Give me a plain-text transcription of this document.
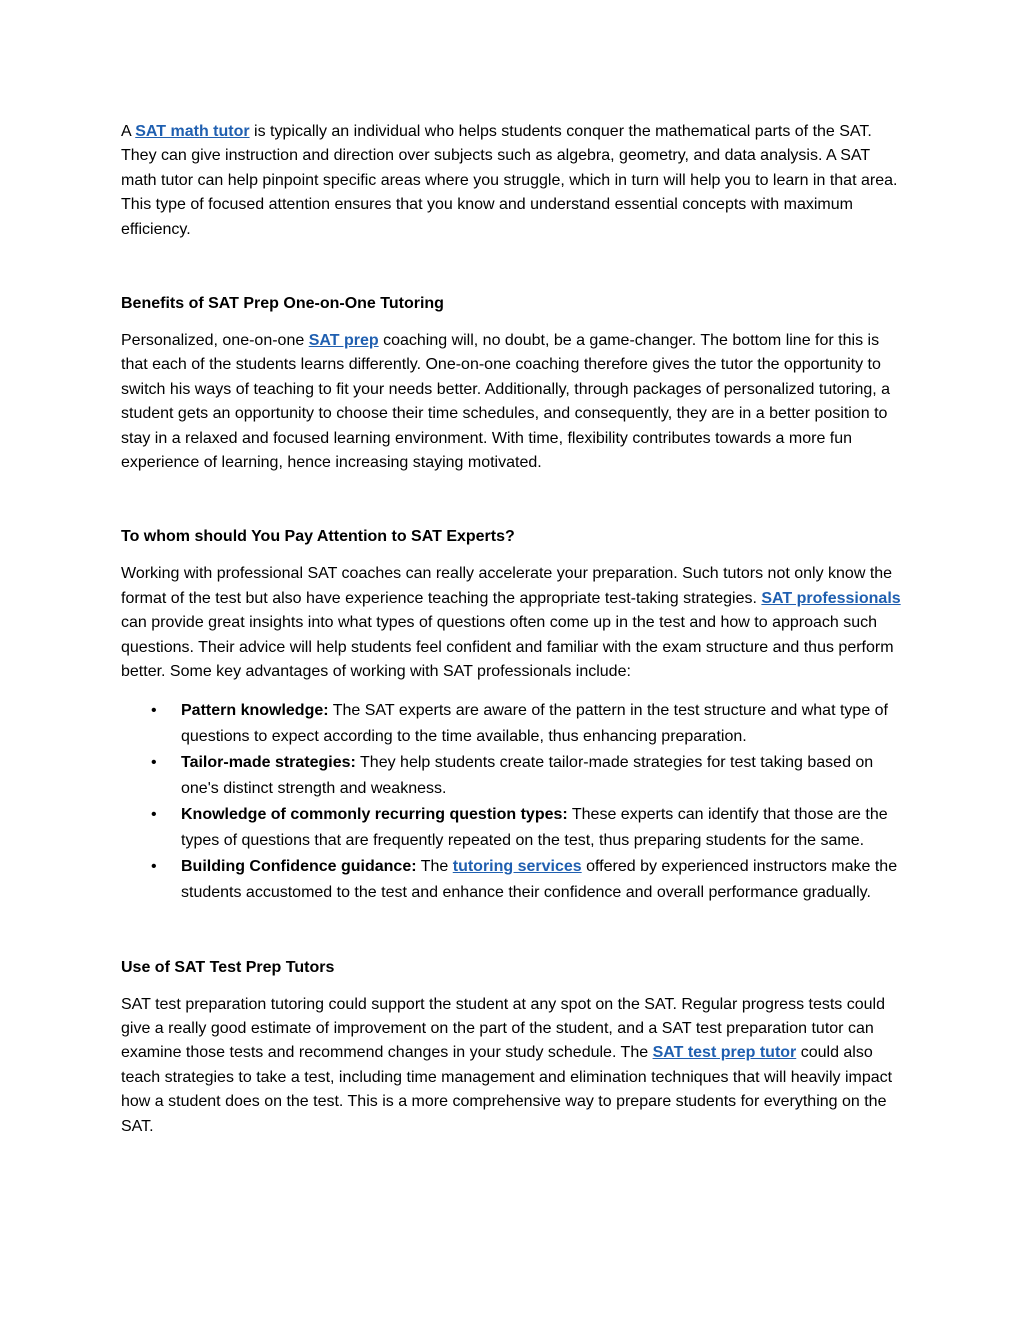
A SAT math tutor is typically an individual who helps students conquer the mathematical parts of the SAT. They can give instruction and direction over subjects such as algebra, geometry, and data analysis. A SAT math tutor can help pinpoint specific areas where you struggle, which in turn will help you to learn in that area. This type of focused attention ensures that you know and understand essential concepts with maximum efficiency.

Benefits of SAT Prep One-on-One Tutoring

Personalized, one-on-one SAT prep coaching will, no doubt, be a game-changer. The bottom line for this is that each of the students learns differently. One-on-one coaching therefore gives the tutor the opportunity to switch his ways of teaching to fit your needs better. Additionally, through packages of personalized tutoring, a student gets an opportunity to choose their time schedules, and consequently, they are in a better position to stay in a relaxed and focused learning environment. With time, flexibility contributes towards a more fun experience of learning, hence increasing staying motivated.

To whom should You Pay Attention to SAT Experts?

Working with professional SAT coaches can really accelerate your preparation. Such tutors not only know the format of the test but also have experience teaching the appropriate test-taking strategies. SAT professionals can provide great insights into what types of questions often come up in the test and how to approach such questions. Their advice will help students feel confident and familiar with the exam structure and thus perform better. Some key advantages of working with SAT professionals include:

• Pattern knowledge: The SAT experts are aware of the pattern in the test structure and what type of questions to expect according to the time available, thus enhancing preparation.
• Tailor-made strategies: They help students create tailor-made strategies for test taking based on one's distinct strength and weakness.
• Knowledge of commonly recurring question types: These experts can identify that those are the types of questions that are frequently repeated on the test, thus preparing students for the same.
• Building Confidence guidance: The tutoring services offered by experienced instructors make the students accustomed to the test and enhance their confidence and overall performance gradually.

Use of SAT Test Prep Tutors

SAT test preparation tutoring could support the student at any spot on the SAT. Regular progress tests could give a really good estimate of improvement on the part of the student, and a SAT test preparation tutor can examine those tests and recommend changes in your study schedule. The SAT test prep tutor could also teach strategies to take a test, including time management and elimination techniques that will heavily impact how a student does on the test. This is a more comprehensive way to prepare students for everything on the SAT.
